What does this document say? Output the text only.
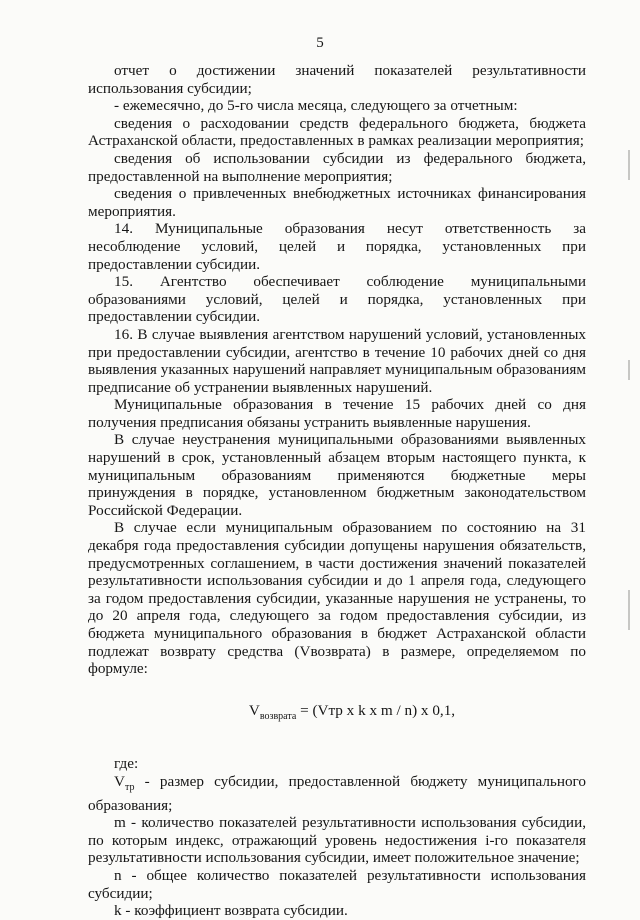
5

отчет о достижении значений показателей результативности использования субсидии;

- ежемесячно, до 5-го числа месяца, следующего за отчетным:

сведения о расходовании средств федерального бюджета, бюджета Астраханской области, предоставленных в рамках реализации мероприятия;

сведения об использовании субсидии из федерального бюджета, предоставленной на выполнение мероприятия;

сведения о привлеченных внебюджетных источниках финансирования мероприятия.

14. Муниципальные образования несут ответственность за несоблюдение условий, целей и порядка, установленных при предоставлении субсидии.

15. Агентство обеспечивает соблюдение муниципальными образованиями условий, целей и порядка, установленных при предоставлении субсидии.

16. В случае выявления агентством нарушений условий, установленных при предоставлении субсидии, агентство в течение 10 рабочих дней со дня выявления указанных нарушений направляет муниципальным образованиям предписание об устранении выявленных нарушений.

Муниципальные образования в течение 15 рабочих дней со дня получения предписания обязаны устранить выявленные нарушения.

В случае неустранения муниципальными образованиями выявленных нарушений в срок, установленный абзацем вторым настоящего пункта, к муниципальным образованиям применяются бюджетные меры принуждения в порядке, установленном бюджетным законодательством Российской Федерации.

В случае если муниципальным образованием по состоянию на 31 декабря года предоставления субсидии допущены нарушения обязательств, предусмотренных соглашением, в части достижения значений показателей результативности использования субсидии и до 1 апреля года, следующего за годом предоставления субсидии, указанные нарушения не устранены, то до 20 апреля года, следующего за годом предоставления субсидии, из бюджета муниципального образования в бюджет Астраханской области подлежат возврату средства (Vвозврата) в размере, определяемом по формуле:

$V_{возврата} = (Vтр$ x k x m / n) x 0,1,

где:

$V_{тр}$ - размер субсидии, предоставленной бюджету муниципального образования;

m - количество показателей результативности использования субсидии, по которым индекс, отражающий уровень недостижения i-го показателя результативности использования субсидии, имеет положительное значение;

n - общее количество показателей результативности использования субсидии;

k - коэффициент возврата субсидии.
